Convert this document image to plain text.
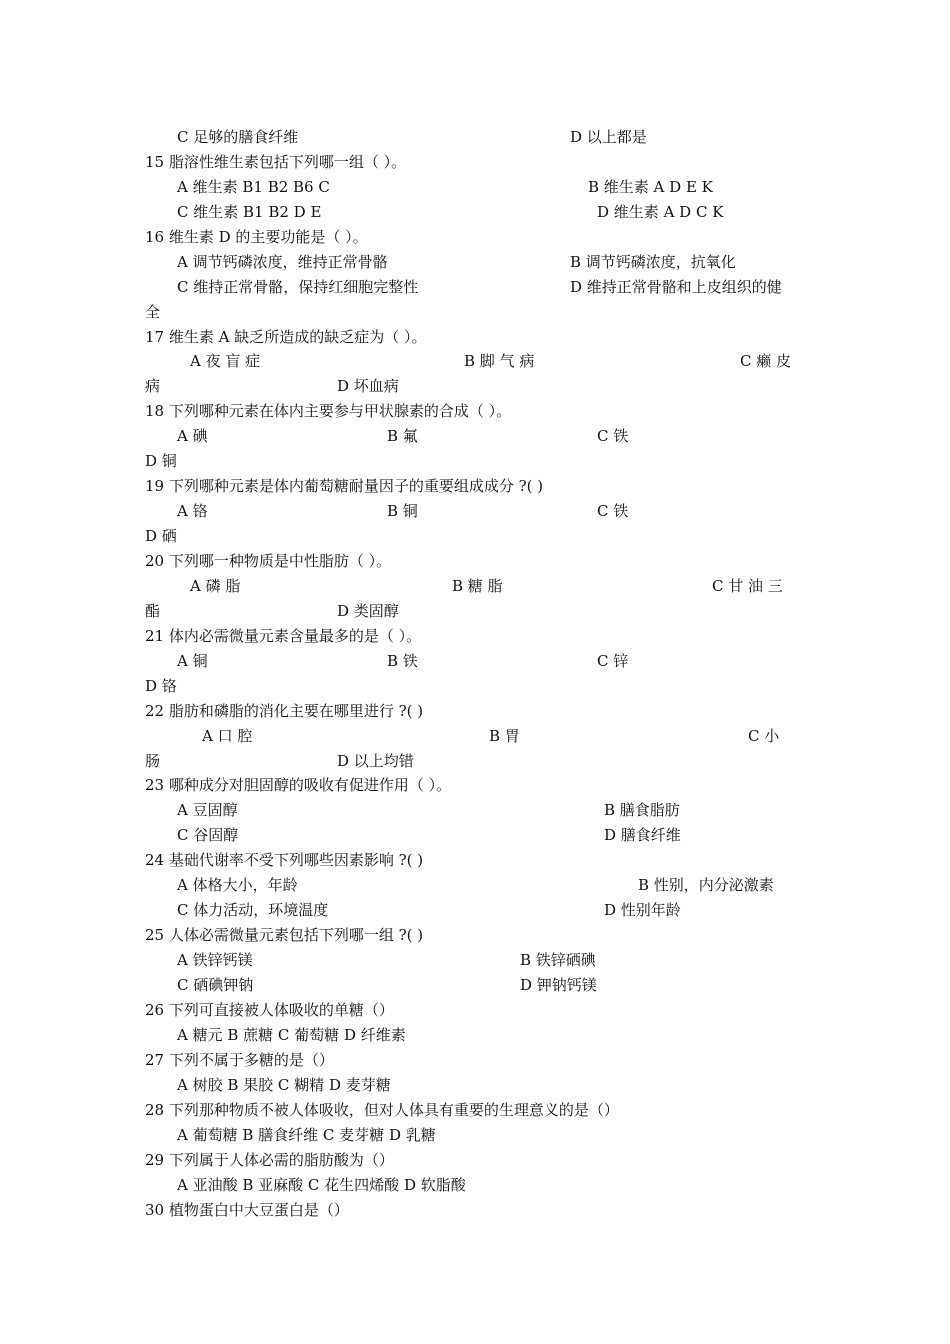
C 足够的膳食纤维	D 以上都是
15 脂溶性维生素包括下列哪一组（ ）。
A 维生素 B1 B2 B6 C	B 维生素 A D E K
C 维生素 B1 B2 D E	D 维生素 A D C K
16 维生素 D 的主要功能是（ ）。
A 调节钙磷浓度，维持正常骨骼	B 调节钙磷浓度，抗氧化
C 维持正常骨骼，保持红细胞完整性	D 维持正常骨骼和上皮组织的健
全
17 维生素 A 缺乏所造成的缺乏症为（ ）。
A 夜 盲 症	B 脚 气 病	C 癞 皮
病	D 坏血病
18 下列哪种元素在体内主要参与甲状腺素的合成（ ）。
A 碘	B 氟	C 铁
D 铜
19 下列哪种元素是体内葡萄糖耐量因子的重要组成成分 ?( )
A 铬	B 铜	C 铁
D 硒
20 下列哪一种物质是中性脂肪（ ）。
A 磷 脂	B 糖 脂	C 甘 油 三
酯	D 类固醇
21 体内必需微量元素含量最多的是（ ）。
A 铜	B 铁	C 锌
D 铬
22 脂肪和磷脂的消化主要在哪里进行 ?( )
A 口 腔	B 胃	C 小
肠	D 以上均错
23 哪种成分对胆固醇的吸收有促进作用（ ）。
A 豆固醇	B 膳食脂肪
C 谷固醇	D 膳食纤维
24 基础代谢率不受下列哪些因素影响 ?( )
A 体格大小，年龄	B 性别，内分泌激素
C 体力活动，环境温度	D 性别年龄
25 人体必需微量元素包括下列哪一组 ?( )
A 铁锌钙镁	B 铁锌硒碘
C 硒碘钾钠	D 钾钠钙镁
26 下列可直接被人体吸收的单糖（）
A 糖元 B 蔗糖 C 葡萄糖 D 纤维素
27 下列不属于多糖的是（）
A 树胶 B 果胶 C 糊精 D 麦芽糖
28 下列那种物质不被人体吸收，但对人体具有重要的生理意义的是（）
A 葡萄糖 B 膳食纤维 C 麦芽糖 D 乳糖
29 下列属于人体必需的脂肪酸为（）
A 亚油酸 B 亚麻酸 C 花生四烯酸 D 软脂酸
30 植物蛋白中大豆蛋白是（）
